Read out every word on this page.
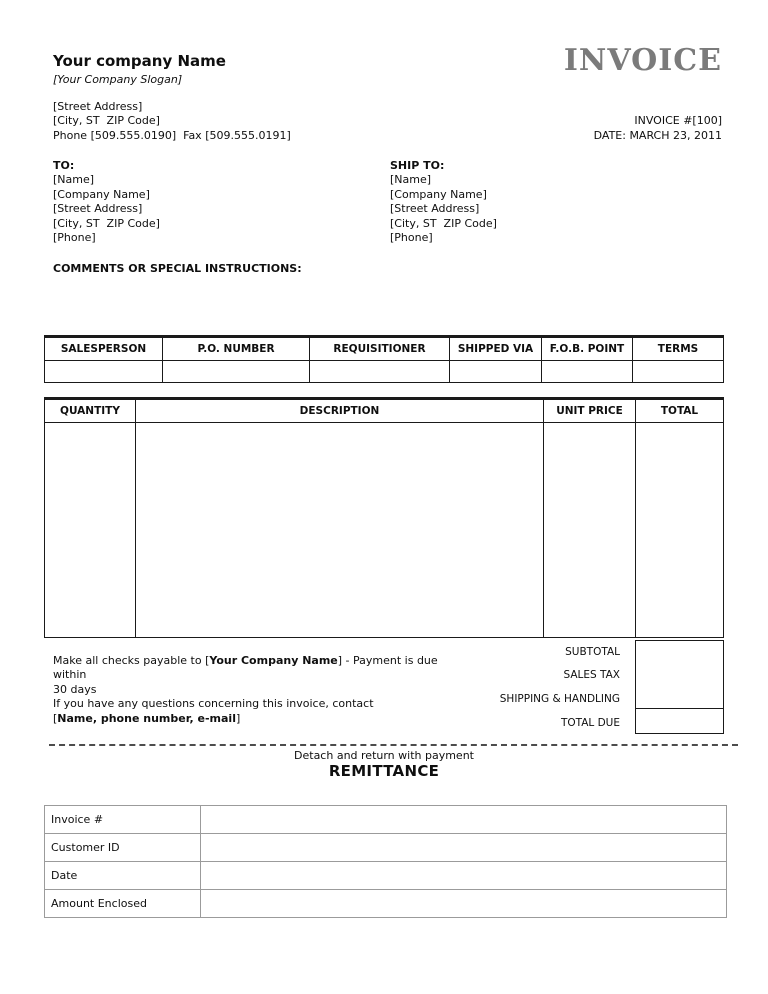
Your company Name
[Your Company Slogan]
[Street Address]
[City, ST  ZIP Code]
Phone [509.555.0190]  Fax [509.555.0191]
INVOICE
INVOICE #[100]
DATE: MARCH 23, 2011
TO:
[Name]
[Company Name]
[Street Address]
[City, ST  ZIP Code]
[Phone]
SHIP TO:
[Name]
[Company Name]
[Street Address]
[City, ST  ZIP Code]
[Phone]
COMMENTS OR SPECIAL INSTRUCTIONS:
SALESPERSON	P.O. NUMBER	REQUISITIONER	SHIPPED VIA	F.O.B. POINT	TERMS

QUANTITY	DESCRIPTION	UNIT PRICE	TOTAL

SUBTOTAL
SALES TAX
SHIPPING & HANDLING
TOTAL DUE
Make all checks payable to [Your Company Name] - Payment is due within
30 days
If you have any questions concerning this invoice, contact
[Name, phone number, e-mail]
Detach and return with payment
REMITTANCE
Invoice #	
Customer ID	
Date	
Amount Enclosed	
